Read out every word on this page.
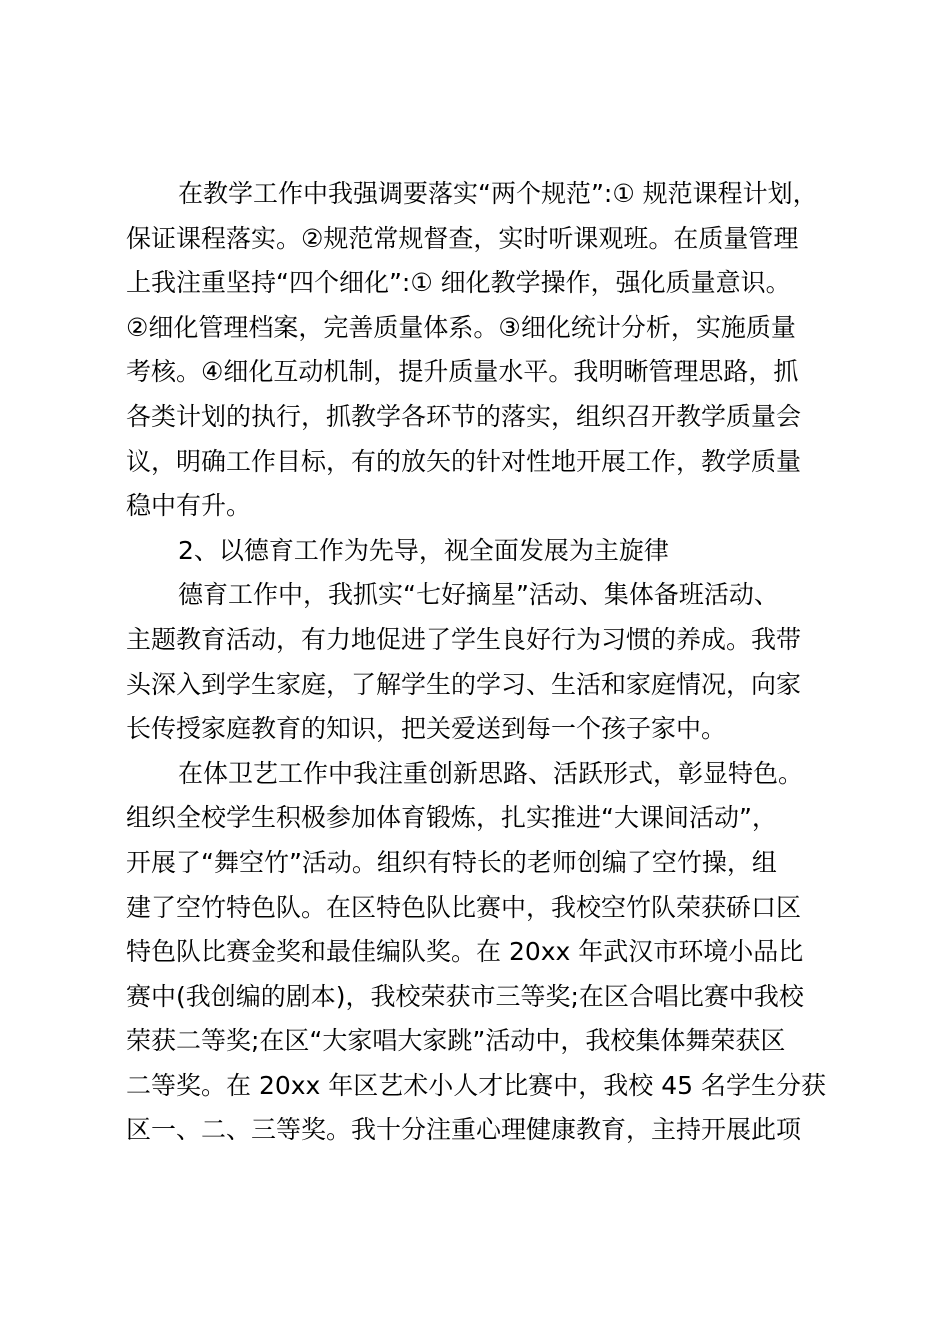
在教学工作中我强调要落实“两个规范”:① 规范课程计划，
保证课程落实。②规范常规督查，实时听课观班。在质量管理
上我注重坚持“四个细化”:① 细化教学操作，强化质量意识。
②细化管理档案，完善质量体系。③细化统计分析，实施质量
考核。④细化互动机制，提升质量水平。我明晰管理思路，抓
各类计划的执行，抓教学各环节的落实，组织召开教学质量会
议，明确工作目标，有的放矢的针对性地开展工作，教学质量
稳中有升。
2、以德育工作为先导，视全面发展为主旋律
德育工作中，我抓实“七好摘星”活动、集体备班活动、
主题教育活动，有力地促进了学生良好行为习惯的养成。我带
头深入到学生家庭，了解学生的学习、生活和家庭情况，向家
长传授家庭教育的知识，把关爱送到每一个孩子家中。
在体卫艺工作中我注重创新思路、活跃形式，彰显特色。
组织全校学生积极参加体育锻炼，扎实推进“大课间活动”，
开展了“舞空竹”活动。组织有特长的老师创编了空竹操，组
建了空竹特色队。在区特色队比赛中，我校空竹队荣获硚口区
特色队比赛金奖和最佳编队奖。在 20xx 年武汉市环境小品比
赛中(我创编的剧本)，我校荣获市三等奖;在区合唱比赛中我校
荣获二等奖;在区“大家唱大家跳”活动中，我校集体舞荣获区
二等奖。在 20xx 年区艺术小人才比赛中，我校 45 名学生分获
区一、二、三等奖。我十分注重心理健康教育，主持开展此项
